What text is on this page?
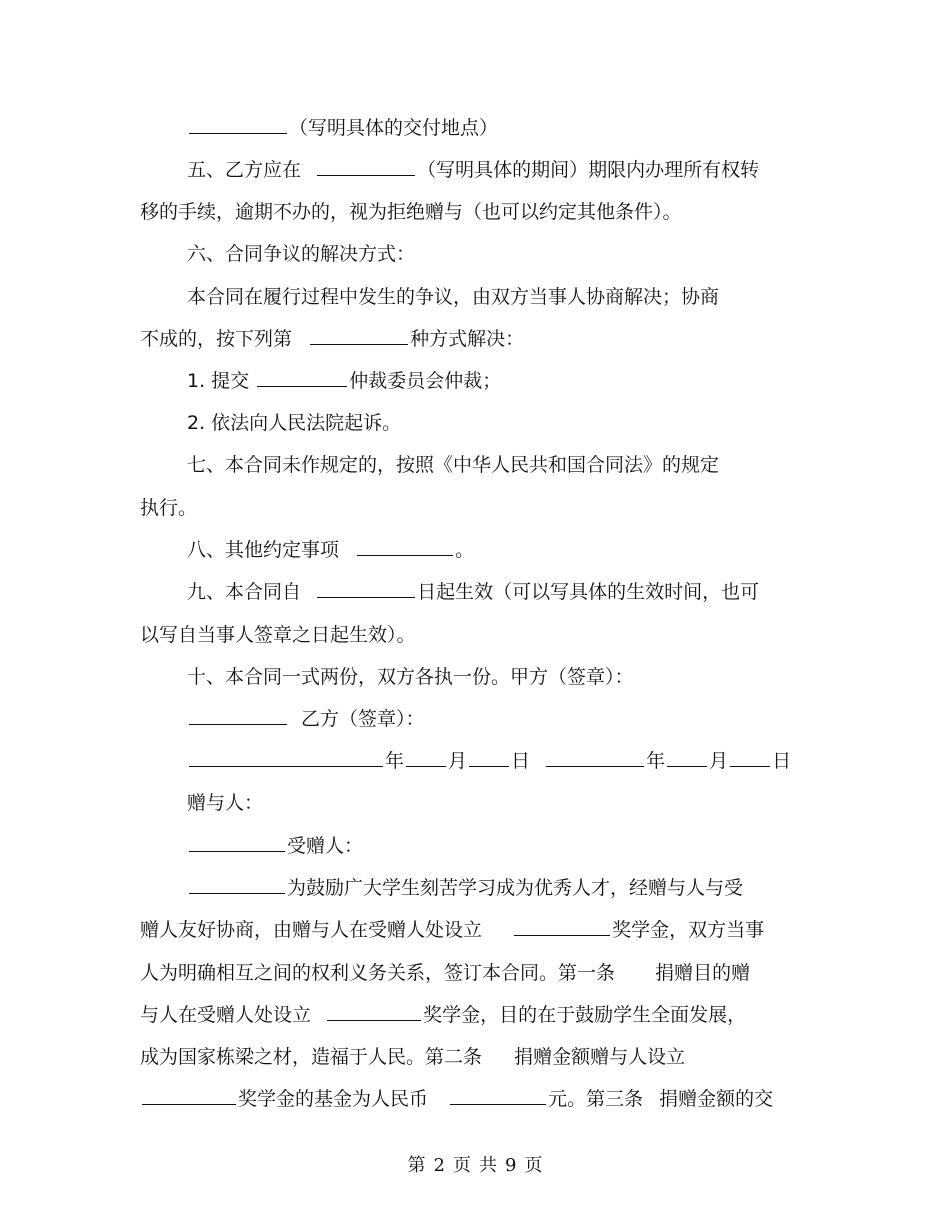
（写明具体的交付地点）
五、乙方应在	（写明具体的期间）期限内办理所有权转
移的手续，逾期不办的，视为拒绝赠与（也可以约定其他条件）。
六、合同争议的解决方式：
本合同在履行过程中发生的争议，由双方当事人协商解决；协商
不成的，按下列第	种方式解决：
1. 提交	仲裁委员会仲裁；
2. 依法向人民法院起诉。
七、本合同未作规定的，按照《中华人民共和国合同法》的规定
执行。
八、其他约定事项	。
九、本合同自	日起生效（可以写具体的生效时间，也可
以写自当事人签章之日起生效）。
十、本合同一式两份，双方各执一份。甲方（签章）：
乙方（签章）：
年 月 日	年 月 日
赠与人：
受赠人：
为鼓励广大学生刻苦学习成为优秀人才，经赠与人与受
赠人友好协商，由赠与人在受赠人处设立	奖学金，双方当事
人为明确相互之间的权利义务关系，签订本合同。第一条 捐赠目的赠
与人在受赠人处设立	奖学金，目的在于鼓励学生全面发展，
成为国家栋梁之材，造福于人民。第二条 捐赠金额赠与人设立
奖学金的基金为人民币	元。第三条 捐赠金额的交
第 2 页 共 9 页
